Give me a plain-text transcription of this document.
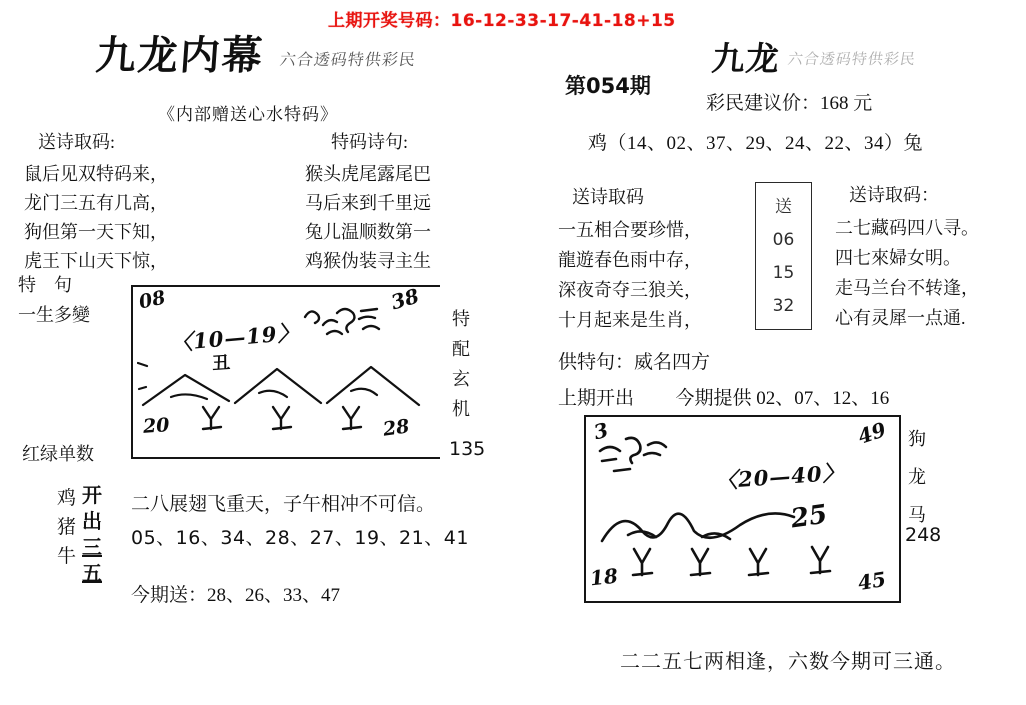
上期开奖号码：16-12-33-17-41-18+15
九龙内幕 六合透码特供彩民
《内部赠送心水特码》
送诗取码:
鼠后见双特码来，
龙门三五有几高，
狗但第一天下知，
虎王下山天下惊，
特码诗句:
猴头虎尾露尾巴
马后来到千里远
兔儿温顺数第一
鸡猴伪装寻主生
特　句
一生多變
08	38
〈10—19〉
丑
20	28
特
配
玄
机
135
红绿单数
鸡
猪
牛
开
出
三
五
二八展翅飞重天，子午相冲不可信。
05、16、34、28、27、19、21、41
今期送：28、26、33、47
九龙 六合透码特供彩民
第054期
彩民建议价：168 元
鸡（14、02、37、29、24、22、34）兔
送诗取码
一五相合要珍惜，
龍遊春色雨中存，
深夜奇夺三狼关，
十月起来是生肖，
送
06
15
32
送诗取码：
二七藏码四八寻。
四七來婦女明。
走马兰台不转逢，
心有灵犀一点通.
供特句：威名四方
上期开出 今期提供 02、07、12、16
3	49
〈20—40〉
25
18	45
狗
龙
马
248
二二五七两相逢，六数今期可三通。
